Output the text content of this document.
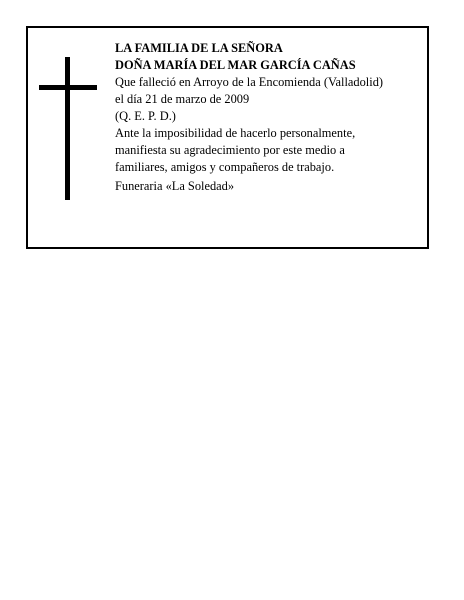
LA FAMILIA DE LA SEÑORA
DOÑA MARÍA DEL MAR GARCÍA CAÑAS
Que falleció en Arroyo de la Encomienda (Valladolid)
el día 21 de marzo de 2009
(Q. E. P. D.)
Ante la imposibilidad de hacerlo personalmente,
manifiesta su agradecimiento por este medio a
familiares, amigos y compañeros de trabajo.
Funeraria «La Soledad»
